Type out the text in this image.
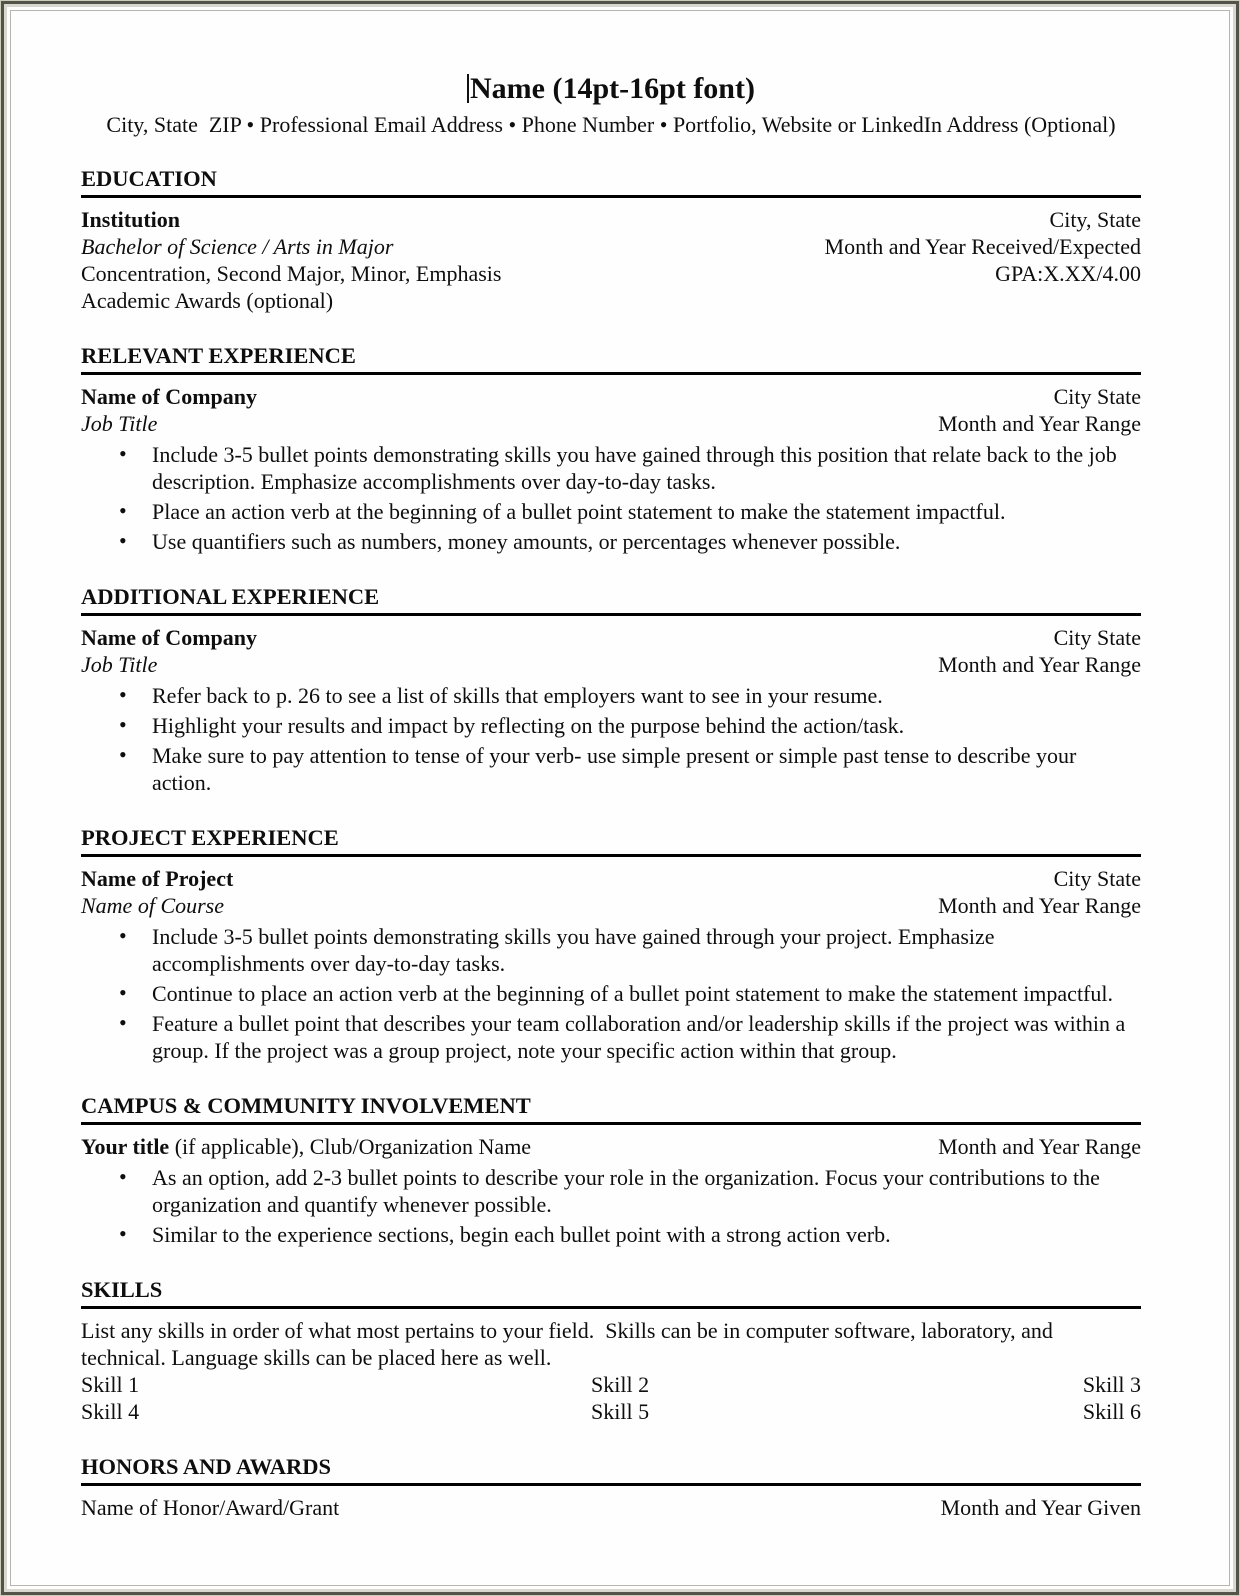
Name (14pt-16pt font)

City, State  ZIP • Professional Email Address • Phone Number • Portfolio, Website or LinkedIn Address (Optional)

EDUCATION
Institution	City, State
Bachelor of Science / Arts in Major	Month and Year Received/Expected
Concentration, Second Major, Minor, Emphasis	GPA:X.XX/4.00
Academic Awards (optional)
RELEVANT EXPERIENCE
Name of Company	City State
Job Title	Month and Year Range
• Include 3-5 bullet points demonstrating skills you have gained through this position that relate back to the job description. Emphasize accomplishments over day-to-day tasks.
• Place an action verb at the beginning of a bullet point statement to make the statement impactful.
• Use quantifiers such as numbers, money amounts, or percentages whenever possible.
ADDITIONAL EXPERIENCE
Name of Company	City State
Job Title	Month and Year Range
• Refer back to p. 26 to see a list of skills that employers want to see in your resume.
• Highlight your results and impact by reflecting on the purpose behind the action/task.
• Make sure to pay attention to tense of your verb- use simple present or simple past tense to describe your action.
PROJECT EXPERIENCE
Name of Project	City State
Name of Course	Month and Year Range
• Include 3-5 bullet points demonstrating skills you have gained through your project. Emphasize accomplishments over day-to-day tasks.
• Continue to place an action verb at the beginning of a bullet point statement to make the statement impactful.
• Feature a bullet point that describes your team collaboration and/or leadership skills if the project was within a group. If the project was a group project, note your specific action within that group.
CAMPUS & COMMUNITY INVOLVEMENT
Your title (if applicable), Club/Organization Name	Month and Year Range
• As an option, add 2-3 bullet points to describe your role in the organization. Focus your contributions to the organization and quantify whenever possible.
• Similar to the experience sections, begin each bullet point with a strong action verb.
SKILLS

List any skills in order of what most pertains to your field.  Skills can be in computer software, laboratory, and technical. Language skills can be placed here as well.

Skill 1	Skill 2	Skill 3
Skill 4	Skill 5	Skill 6
HONORS AND AWARDS
Name of Honor/Award/Grant	Month and Year Given
